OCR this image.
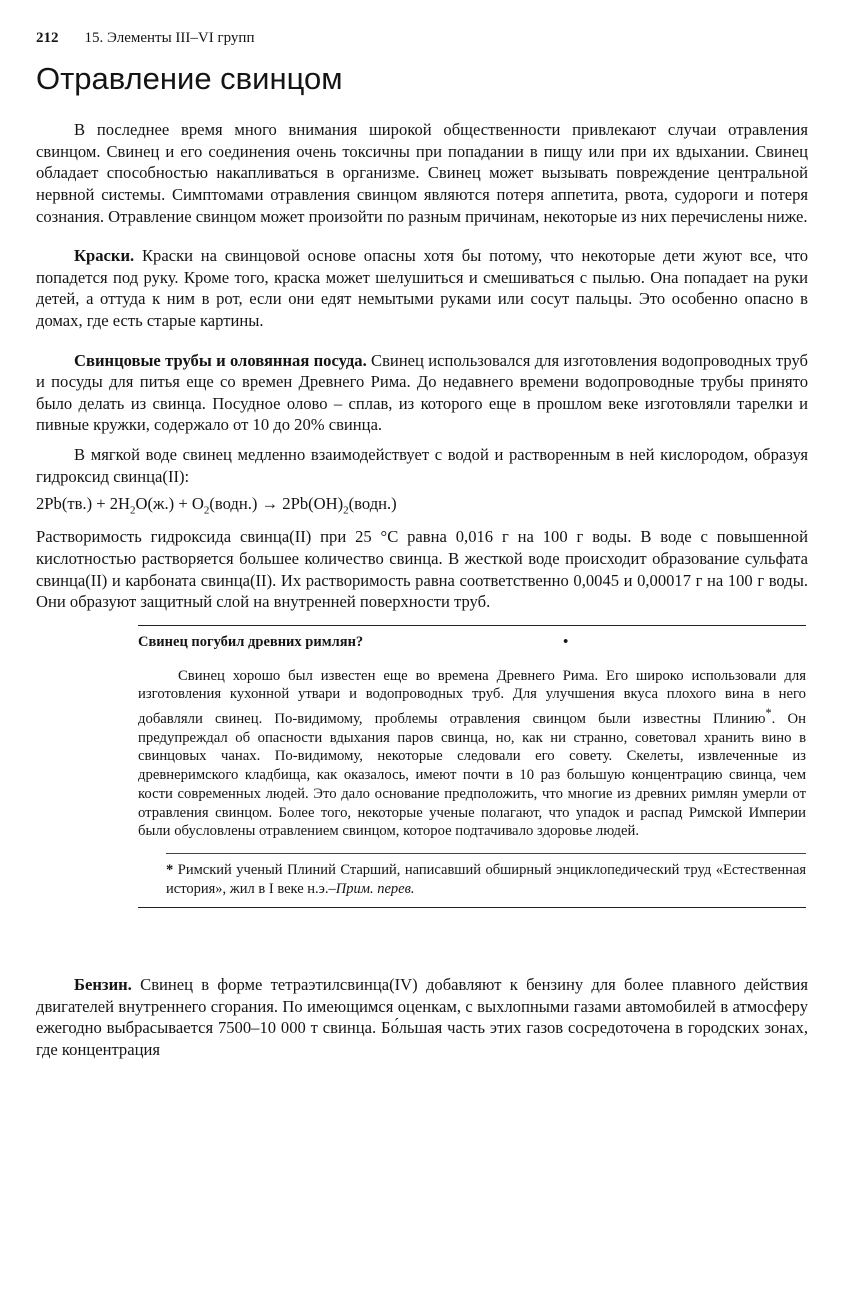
212 15. Элементы III–VI групп
Отравление свинцом

В последнее время много внимания широкой общественности привлекают случаи отравления свинцом. Свинец и его соединения очень токсичны при попадании в пищу или при их вдыхании. Свинец обладает способностью накапливаться в организме. Свинец может вызывать повреждение центральной нервной системы. Симптомами отравления свинцом являются потеря аппетита, рвота, судороги и потеря сознания. Отравление свинцом может произойти по разным причинам, некоторые из них перечислены ниже.

Краски. Краски на свинцовой основе опасны хотя бы потому, что некоторые дети жуют все, что попадется под руку. Кроме того, краска может шелушиться и смешиваться с пылью. Она попадает на руки детей, а оттуда к ним в рот, если они едят немытыми руками или сосут пальцы. Это особенно опасно в домах, где есть старые картины.

Свинцовые трубы и оловянная посуда. Свинец использовался для изготовления водопроводных труб и посуды для питья еще со времен Древнего Рима. До недавнего времени водопроводные трубы принято было делать из свинца. Посудное олово – сплав, из которого еще в прошлом веке изготовляли тарелки и пивные кружки, содержало от 10 до 20% свинца.

В мягкой воде свинец медленно взаимодействует с водой и растворенным в ней кислородом, образуя гидроксид свинца(II):

$2Pb(тв.) + 2H_2O(ж.)$ + $O_2(водн.)$ → $2Pb(OH)_2(водн.)$

Растворимость гидроксида свинца(II) при 25 °С равна 0,016 г на 100 г воды. В воде с повышенной кислотностью растворяется большее количество свинца. В жесткой воде происходит образование сульфата свинца(II) и карбоната свинца(II). Их растворимость равна соответственно 0,0045 и 0,00017 г на 100 г воды. Они образуют защитный слой на внутренней поверхности труб.

Свинец погубил древних римлян?	•

Свинец хорошо был известен еще во времена Древнего Рима. Его широко использовали для изготовления кухонной утвари и водопроводных труб. Для улучшения вкуса плохого вина в него добавляли свинец. По-видимому, проблемы отравления свинцом были известны Плинию*. Он предупреждал об опасности вдыхания паров свинца, но, как ни странно, советовал хранить вино в свинцовых чанах. По-видимому, некоторые следовали его совету. Скелеты, извлеченные из древнеримского кладбища, как оказалось, имеют почти в 10 раз большую концентрацию свинца, чем кости современных людей. Это дало основание предположить, что многие из древних римлян умерли от отравления свинцом. Более того, некоторые ученые полагают, что упадок и распад Римской Империи были обусловлены отравлением свинцом, которое подтачивало здоровье людей.

* Римский ученый Плиний Старший, написавший обширный энциклопедический труд «Естественная история», жил в I веке н.э.–Прим. перев.

Бензин. Свинец в форме тетраэтилсвинца(IV) добавляют к бензину для более плавного действия двигателей внутреннего сгорания. По имеющимся оценкам, с выхлопными газами автомобилей в атмосферу ежегодно выбрасывается 7500–10 000 т свинца. Бо́льшая часть этих газов сосредоточена в городских зонах, где концентрация
